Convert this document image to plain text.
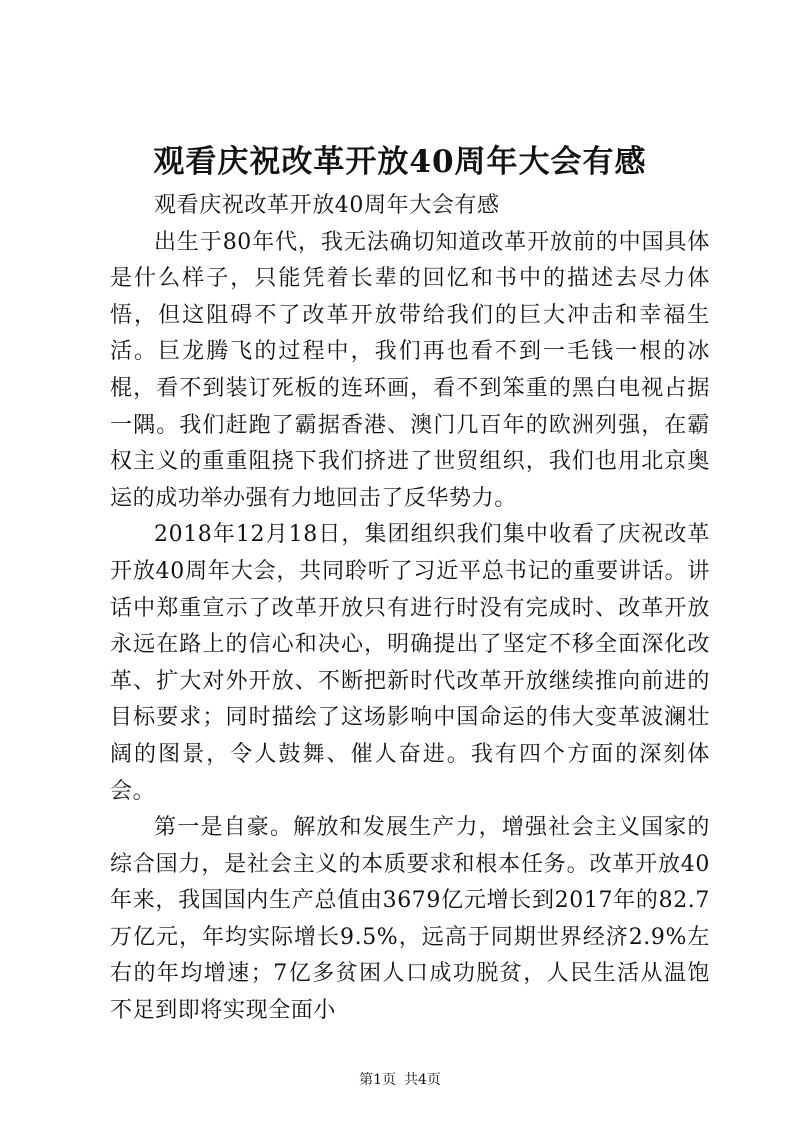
观看庆祝改革开放40周年大会有感

观看庆祝改革开放40周年大会有感

出生于80年代，我无法确切知道改革开放前的中国具体是什么样子，只能凭着长辈的回忆和书中的描述去尽力体悟，但这阻碍不了改革开放带给我们的巨大冲击和幸福生活。巨龙腾飞的过程中，我们再也看不到一毛钱一根的冰棍，看不到装订死板的连环画，看不到笨重的黑白电视占据一隅。我们赶跑了霸据香港、澳门几百年的欧洲列强，在霸权主义的重重阻挠下我们挤进了世贸组织，我们也用北京奥运的成功举办强有力地回击了反华势力。

2018年12月18日，集团组织我们集中收看了庆祝改革开放40周年大会，共同聆听了习近平总书记的重要讲话。讲话中郑重宣示了改革开放只有进行时没有完成时、改革开放永远在路上的信心和决心，明确提出了坚定不移全面深化改革、扩大对外开放、不断把新时代改革开放继续推向前进的目标要求；同时描绘了这场影响中国命运的伟大变革波澜壮阔的图景，令人鼓舞、催人奋进。我有四个方面的深刻体会。

第一是自豪。解放和发展生产力，增强社会主义国家的综合国力，是社会主义的本质要求和根本任务。改革开放40年来，我国国内生产总值由3679亿元增长到2017年的82.7万亿元，年均实际增长9.5%，远高于同期世界经济2.9%左右的年均增速；7亿多贫困人口成功脱贫，人民生活从温饱不足到即将实现全面小

第1页 共4页
